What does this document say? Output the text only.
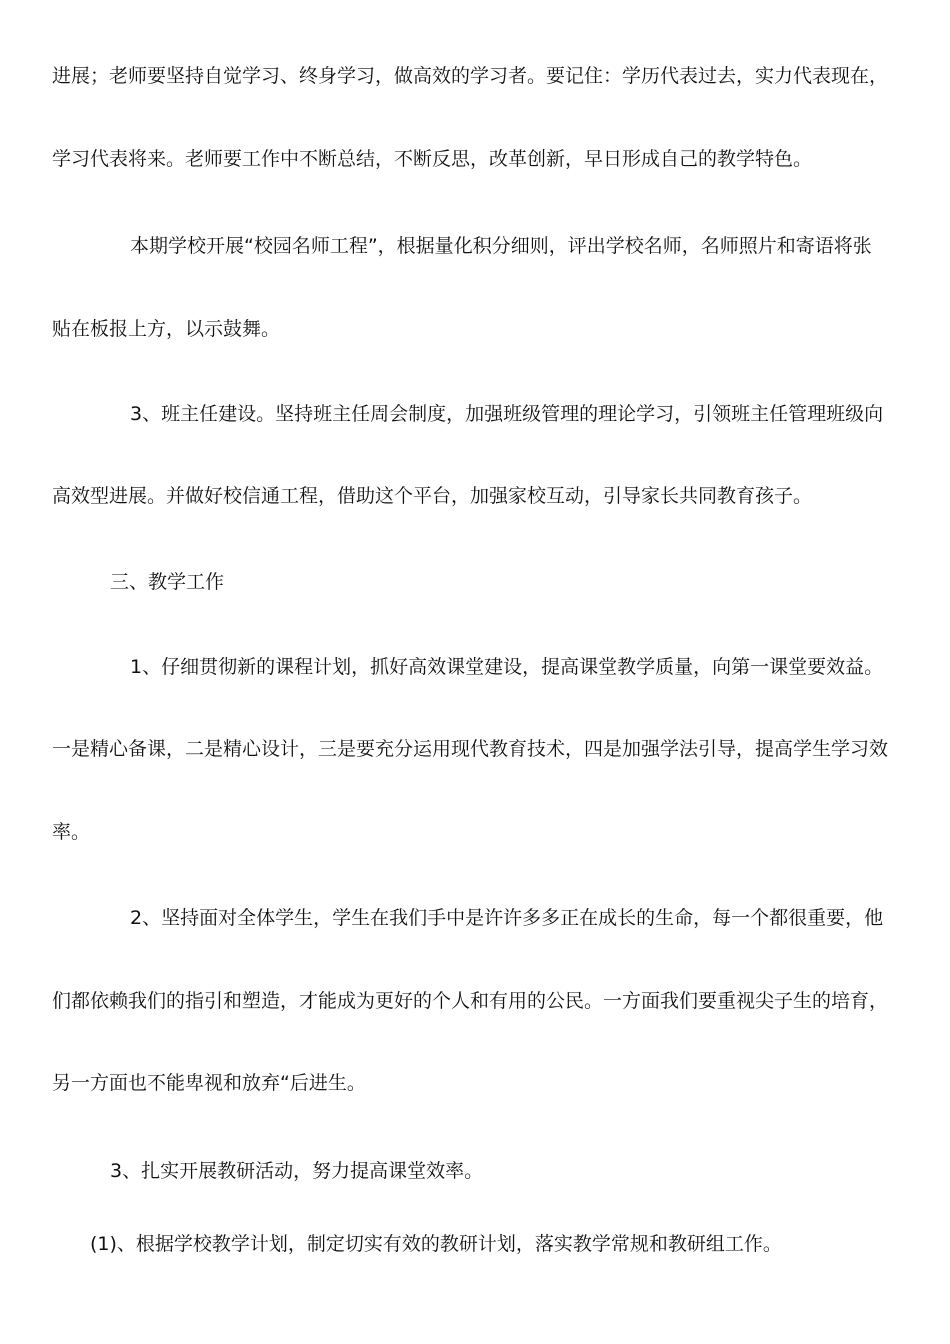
进展；老师要坚持自觉学习、终身学习，做高效的学习者。要记住：学历代表过去，实力代表现在，
学习代表将来。老师要工作中不断总结，不断反思，改革创新，早日形成自己的教学特色。
本期学校开展“校园名师工程”，根据量化积分细则，评出学校名师，名师照片和寄语将张
贴在板报上方，以示鼓舞。
3、班主任建设。坚持班主任周会制度，加强班级管理的理论学习，引领班主任管理班级向
高效型进展。并做好校信通工程，借助这个平台，加强家校互动，引导家长共同教育孩子。
三、教学工作
1、仔细贯彻新的课程计划，抓好高效课堂建设，提高课堂教学质量，向第一课堂要效益。
一是精心备课，二是精心设计，三是要充分运用现代教育技术，四是加强学法引导，提高学生学习效
率。
2、坚持面对全体学生，学生在我们手中是许许多多正在成长的生命，每一个都很重要，他
们都依赖我们的指引和塑造，才能成为更好的个人和有用的公民。一方面我们要重视尖子生的培育，
另一方面也不能卑视和放弃“后进生。
3、扎实开展教研活动，努力提高课堂效率。
(1)、根据学校教学计划，制定切实有效的教研计划，落实教学常规和教研组工作。
